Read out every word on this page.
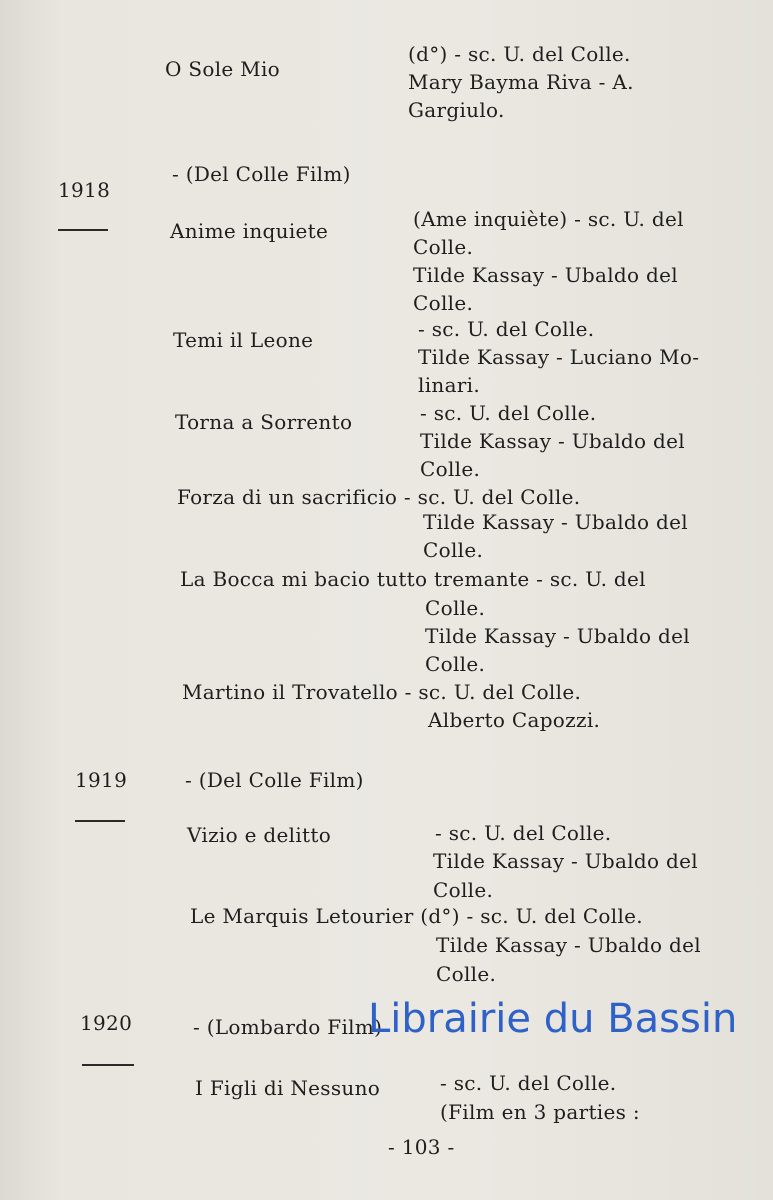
O Sole Mio
(d°) - sc. U. del Colle.
Mary Bayma Riva - A.
Gargiulo.
1918
- (Del Colle Film)
Anime inquiete	(Ame inquiète) - sc. U. del
Colle.
Tilde Kassay - Ubaldo del
Colle.
Temi il Leone	- sc. U. del Colle.
Tilde Kassay - Luciano Mo-
linari.
Torna a Sorrento	- sc. U. del Colle.
Tilde Kassay - Ubaldo del
Colle.
Forza di un sacrificio - sc. U. del Colle.
Tilde Kassay - Ubaldo del
Colle.
La Bocca mi bacio tutto tremante - sc. U. del
Colle.
Tilde Kassay - Ubaldo del
Colle.
Martino il Trovatello - sc. U. del Colle.
Alberto Capozzi.
1919	- (Del Colle Film)
Vizio e delitto	- sc. U. del Colle.
Tilde Kassay - Ubaldo del
Colle.
Le Marquis Letourier (d°) - sc. U. del Colle.
Tilde Kassay - Ubaldo del
Colle.
1920	- (Lombardo Film)
I Figli di Nessuno	- sc. U. del Colle.
(Film en 3 parties :
- 103 -
Librairie du Bassin
